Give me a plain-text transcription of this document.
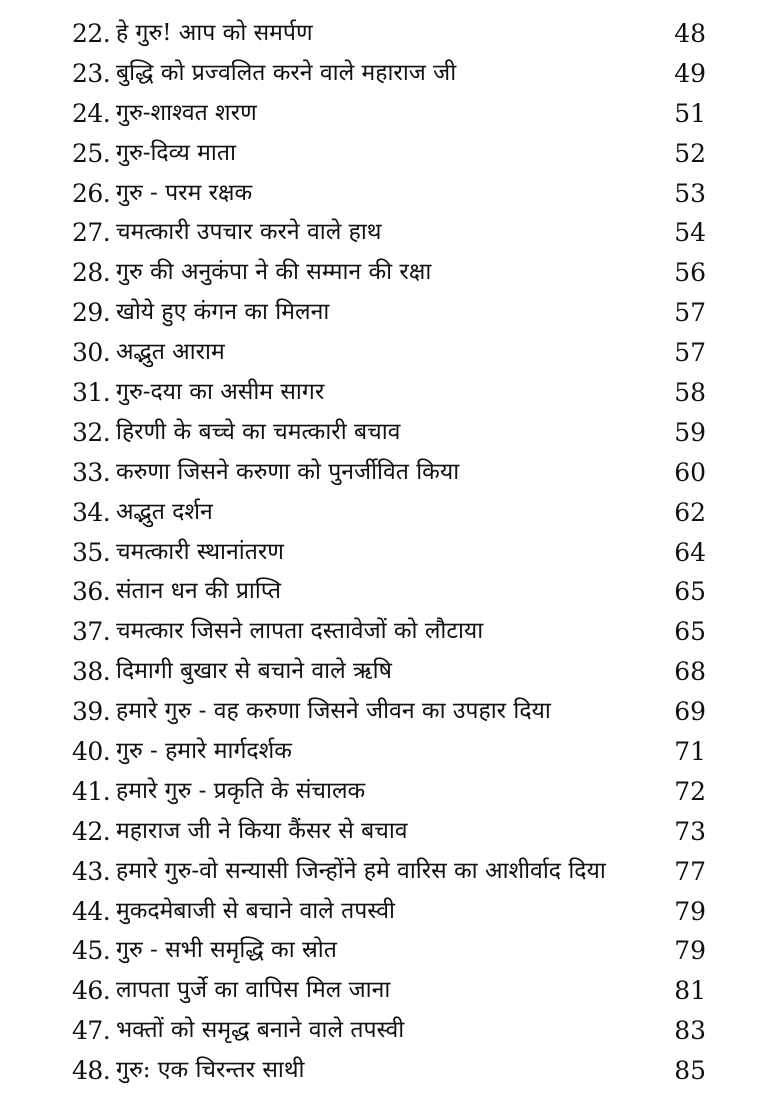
22. हे गुरु! आप को समर्पण	48
23. बुद्धि को प्रज्वलित करने वाले महाराज जी	49
24. गुरु-शाश्वत शरण	51
25. गुरु-दिव्य माता	52
26. गुरु - परम रक्षक	53
27. चमत्कारी उपचार करने वाले हाथ	54
28. गुरु की अनुकंपा ने की सम्मान की रक्षा	56
29. खोये हुए कंगन का मिलना	57
30. अद्भुत आराम	57
31. गुरु-दया का असीम सागर	58
32. हिरणी के बच्चे का चमत्कारी बचाव	59
33. करुणा जिसने करुणा को पुनर्जीवित किया	60
34. अद्भुत दर्शन	62
35. चमत्कारी स्थानांतरण	64
36. संतान धन की प्राप्ति	65
37. चमत्कार जिसने लापता दस्तावेजों को लौटाया	65
38. दिमागी बुखार से बचाने वाले ऋषि	68
39. हमारे गुरु - वह करुणा जिसने जीवन का उपहार दिया	69
40. गुरु - हमारे मार्गदर्शक	71
41. हमारे गुरु - प्रकृति के संचालक	72
42. महाराज जी ने किया कैंसर से बचाव	73
43. हमारे गुरु-वो सन्यासी जिन्होंने हमे वारिस का आशीर्वाद दिया	77
44. मुकदमेबाजी से बचाने वाले तपस्वी	79
45. गुरु - सभी समृद्धि का स्रोत	79
46. लापता पुर्जे का वापिस मिल जाना	81
47. भक्तों को समृद्ध बनाने वाले तपस्वी	83
48. गुरु: एक चिरन्तर साथी	85
